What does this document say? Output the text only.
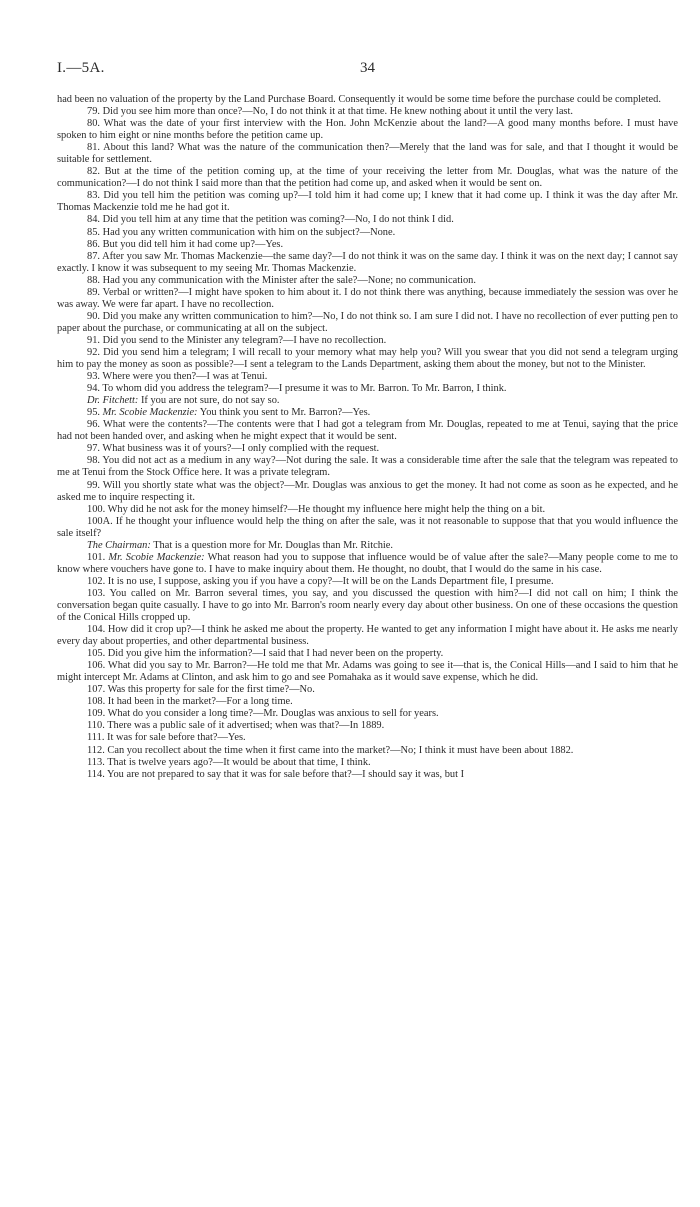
I.—5A.	34

had been no valuation of the property by the Land Purchase Board. Consequently it would be some time before the purchase could be completed.

79. Did you see him more than once?—No, I do not think it at that time. He knew nothing about it until the very last.

80. What was the date of your first interview with the Hon. John McKenzie about the land?—A good many months before. I must have spoken to him eight or nine months before the petition came up.

81. About this land? What was the nature of the communication then?—Merely that the land was for sale, and that I thought it would be suitable for settlement.

82. But at the time of the petition coming up, at the time of your receiving the letter from Mr. Douglas, what was the nature of the communication?—I do not think I said more than that the petition had come up, and asked when it would be sent on.

83. Did you tell him the petition was coming up?—I told him it had come up; I knew that it had come up. I think it was the day after Mr. Thomas Mackenzie told me he had got it.

84. Did you tell him at any time that the petition was coming?—No, I do not think I did.

85. Had you any written communication with him on the subject?—None.

86. But you did tell him it had come up?—Yes.

87. After you saw Mr. Thomas Mackenzie—the same day?—I do not think it was on the same day. I think it was on the next day; I cannot say exactly. I know it was subsequent to my seeing Mr. Thomas Mackenzie.

88. Had you any communication with the Minister after the sale?—None; no communication.

89. Verbal or written?—I might have spoken to him about it. I do not think there was anything, because immediately the session was over he was away. We were far apart. I have no recollection.

90. Did you make any written communication to him?—No, I do not think so. I am sure I did not. I have no recollection of ever putting pen to paper about the purchase, or communicating at all on the subject.

91. Did you send to the Minister any telegram?—I have no recollection.

92. Did you send him a telegram; I will recall to your memory what may help you? Will you swear that you did not send a telegram urging him to pay the money as soon as possible?—I sent a telegram to the Lands Department, asking them about the money, but not to the Minister.

93. Where were you then?—I was at Tenui.

94. To whom did you address the telegram?—I presume it was to Mr. Barron. To Mr. Barron, I think.

Dr. Fitchett: If you are not sure, do not say so.

95. Mr. Scobie Mackenzie: You think you sent to Mr. Barron?—Yes.

96. What were the contents?—The contents were that I had got a telegram from Mr. Douglas, repeated to me at Tenui, saying that the price had not been handed over, and asking when he might expect that it would be sent.

97. What business was it of yours?—I only complied with the request.

98. You did not act as a medium in any way?—Not during the sale. It was a considerable time after the sale that the telegram was repeated to me at Tenui from the Stock Office here. It was a private telegram.

99. Will you shortly state what was the object?—Mr. Douglas was anxious to get the money. It had not come as soon as he expected, and he asked me to inquire respecting it.

100. Why did he not ask for the money himself?—He thought my influence here might help the thing on a bit.

100A. If he thought your influence would help the thing on after the sale, was it not reasonable to suppose that that you would influence the sale itself?

The Chairman: That is a question more for Mr. Douglas than Mr. Ritchie.

101. Mr. Scobie Mackenzie: What reason had you to suppose that influence would be of value after the sale?—Many people come to me to know where vouchers have gone to. I have to make inquiry about them. He thought, no doubt, that I would do the same in his case.

102. It is no use, I suppose, asking you if you have a copy?—It will be on the Lands Department file, I presume.

103. You called on Mr. Barron several times, you say, and you discussed the question with him?—I did not call on him; I think the conversation began quite casually. I have to go into Mr. Barron's room nearly every day about other business. On one of these occasions the question of the Conical Hills cropped up.

104. How did it crop up?—I think he asked me about the property. He wanted to get any information I might have about it. He asks me nearly every day about properties, and other departmental business.

105. Did you give him the information?—I said that I had never been on the property.

106. What did you say to Mr. Barron?—He told me that Mr. Adams was going to see it—that is, the Conical Hills—and I said to him that he might intercept Mr. Adams at Clinton, and ask him to go and see Pomahaka as it would save expense, which he did.

107. Was this property for sale for the first time?—No.

108. It had been in the market?—For a long time.

109. What do you consider a long time?—Mr. Douglas was anxious to sell for years.

110. There was a public sale of it advertised; when was that?—In 1889.

111. It was for sale before that?—Yes.

112. Can you recollect about the time when it first came into the market?—No; I think it must have been about 1882.

113. That is twelve years ago?—It would be about that time, I think.

114. You are not prepared to say that it was for sale before that?—I should say it was, but I
